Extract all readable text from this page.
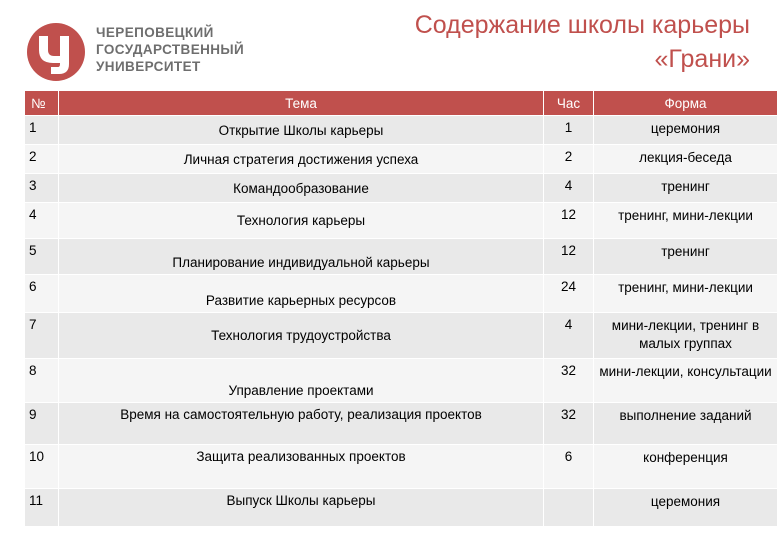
ЧЕРЕПОВЕЦКИЙ
ГОСУДАРСТВЕННЫЙ
УНИВЕРСИТЕТ
Содержание школы карьеры
«Грани»
№	Тема	Час	Форма
1	Открытие Школы карьеры	1	церемония
2	Личная стратегия достижения успеха	2	лекция-беседа
3	Командообразование	4	тренинг
4	Технология карьеры	12	тренинг, мини-лекции
5	Планирование индивидуальной карьеры	12	тренинг
6	Развитие карьерных ресурсов	24	тренинг, мини-лекции
7	Технология трудоустройства	4	мини-лекции, тренинг в малых группах
8	Управление проектами	32	мини-лекции, консультации
9	Время на самостоятельную работу, реализация проектов	32	выполнение заданий
10	Защита реализованных проектов	6	конференция
11	Выпуск Школы карьеры		церемония
